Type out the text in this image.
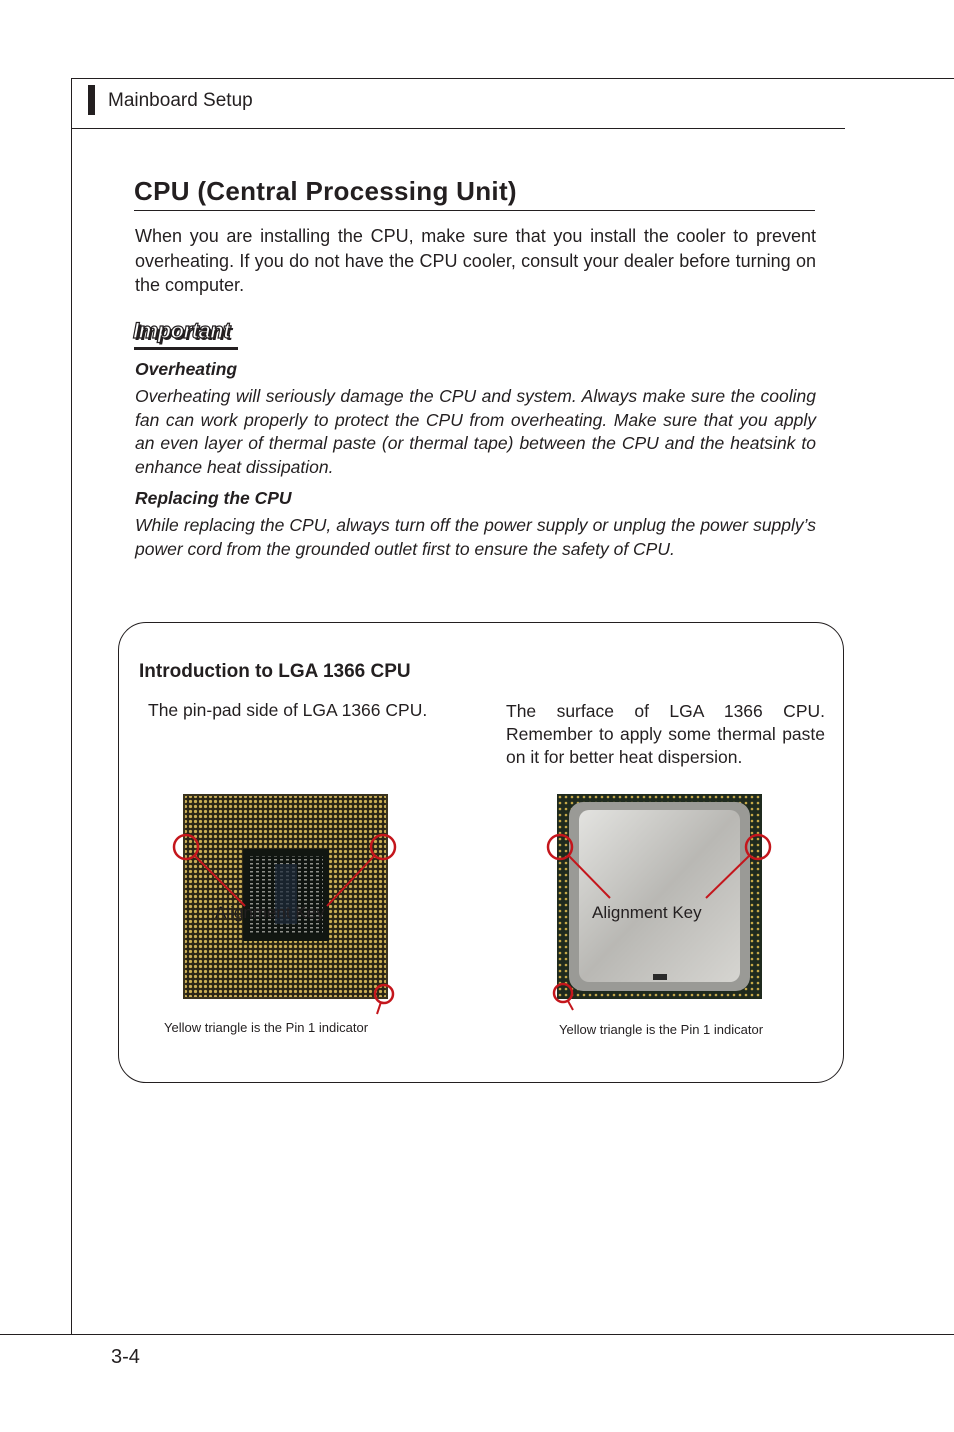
Mainboard Setup
CPU (Central Processing Unit)
When you are installing the CPU, make sure that you install the cooler to prevent overheating. If you do not have the CPU cooler, consult your dealer before turning on the computer.
Important
Overheating
Overheating will seriously damage the CPU and system. Always make sure the cooling fan can work properly to protect the CPU from overheating. Make sure that you apply an even layer of thermal paste (or thermal tape) between the CPU and the heatsink to enhance heat dissipation.
Replacing the CPU
While replacing the CPU, always turn off the power supply or unplug the power supply’s power cord from the grounded outlet first to ensure the safety of CPU.
Introduction to LGA 1366 CPU
The pin-pad side of LGA 1366 CPU.	The surface of LGA 1366 CPU. Remember to apply some thermal paste on it for better heat dispersion.
Alignment Key	Alignment Key
Yellow triangle is the Pin 1 indicator	Yellow triangle is the Pin 1 indicator
3-4
